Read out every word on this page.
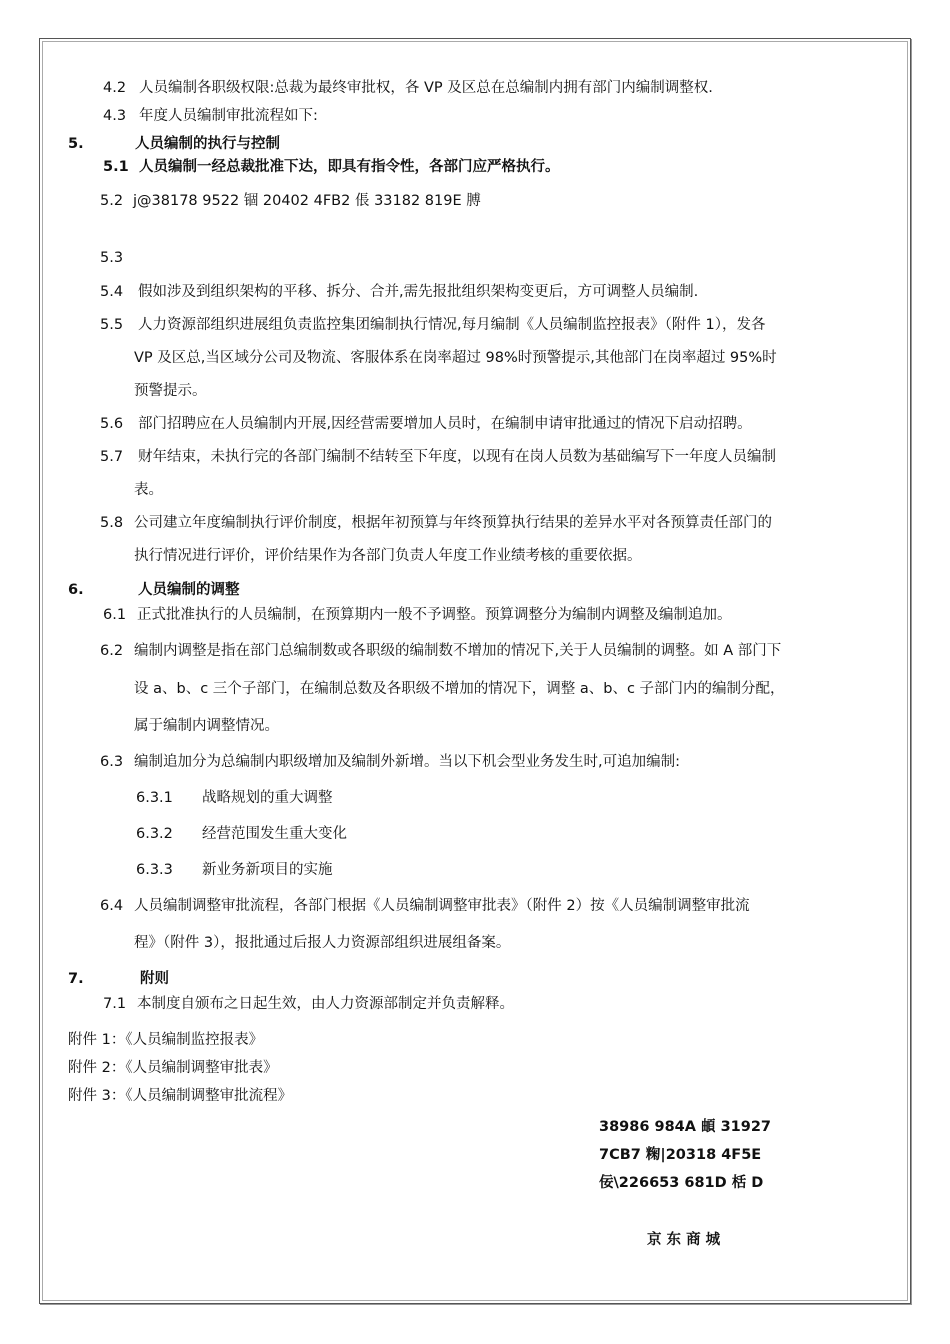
4.2 人员编制各职级权限:总裁为最终审批权，各 VP 及区总在总编制内拥有部门内编制调整权.
4.3 年度人员编制审批流程如下:
5.	人员编制的执行与控制
5.1 人员编制一经总裁批准下达，即具有指令性，各部门应严格执行。
5.2 j@38178 9522 锢 20402 4FB2 倀 33182 819E 膊
5.3
5.4 假如涉及到组织架构的平移、拆分、合并,需先报批组织架构变更后，方可调整人员编制.
5.5 人力资源部组织进展组负责监控集团编制执行情况,每月编制《人员编制监控报表》（附件 1），发各
VP 及区总,当区域分公司及物流、客服体系在岗率超过 98%时预警提示,其他部门在岗率超过 95%时
预警提示。
5.6 部门招聘应在人员编制内开展,因经营需要增加人员时，在编制申请审批通过的情况下启动招聘。
5.7 财年结束，未执行完的各部门编制不结转至下年度，以现有在岗人员数为基础编写下一年度人员编制
表。
5.8 公司建立年度编制执行评价制度，根据年初预算与年终预算执行结果的差异水平对各预算责任部门的
执行情况进行评价，评价结果作为各部门负责人年度工作业绩考核的重要依据。
6.	人员编制的调整
6.1 正式批准执行的人员编制，在预算期内一般不予调整。预算调整分为编制内调整及编制追加。
6.2 编制内调整是指在部门总编制数或各职级的编制数不增加的情况下,关于人员编制的调整。如 A 部门下
设 a、b、c 三个子部门，在编制总数及各职级不增加的情况下，调整 a、b、c 子部门内的编制分配，
属于编制内调整情况。
6.3 编制追加分为总编制内职级增加及编制外新增。当以下机会型业务发生时,可追加编制:
6.3.1 战略规划的重大调整
6.3.2 经营范围发生重大变化
6.3.3 新业务新项目的实施
6.4 人员编制调整审批流程，各部门根据《人员编制调整审批表》（附件 2）按《人员编制调整审批流
程》（附件 3），报批通过后报人力资源部组织进展组备案。
7.	附则
7.1 本制度自颁布之日起生效，由人力资源部制定并负责解释。
附件 1：《人员编制监控报表》
附件 2：《人员编制调整审批表》
附件 3：《人员编制调整审批流程》
38986 984A 頔 31927
7CB7 粷|20318 4F5E
佞\226653 681D 栝 D
京 东 商 城
